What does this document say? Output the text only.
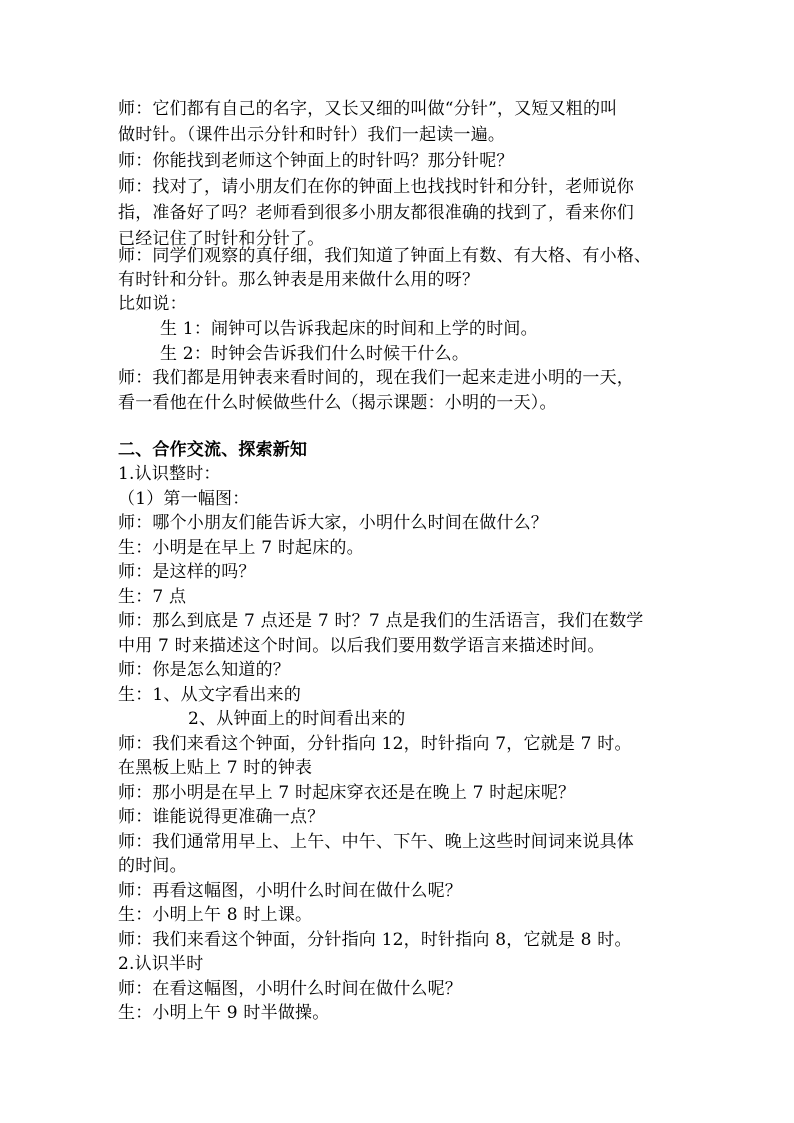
师：它们都有自己的名字，又长又细的叫做“分针”，又短又粗的叫
做时针。（课件出示分针和时针）我们一起读一遍。
师：你能找到老师这个钟面上的时针吗？那分针呢？
师：找对了，请小朋友们在你的钟面上也找找时针和分针，老师说你
指，准备好了吗？老师看到很多小朋友都很准确的找到了，看来你们
已经记住了时针和分针了。
师：同学们观察的真仔细，我们知道了钟面上有数、有大格、有小格、
有时针和分针。那么钟表是用来做什么用的呀？
比如说：
生 1：闹钟可以告诉我起床的时间和上学的时间。
生 2：时钟会告诉我们什么时候干什么。
师：我们都是用钟表来看时间的，现在我们一起来走进小明的一天，
看一看他在什么时候做些什么（揭示课题：小明的一天）。
二、合作交流、探索新知
1.认识整时：
（1）第一幅图：
师：哪个小朋友们能告诉大家，小明什么时间在做什么？
生：小明是在早上 7 时起床的。
师：是这样的吗？
生：7 点
师：那么到底是 7 点还是 7 时？7 点是我们的生活语言，我们在数学
中用 7 时来描述这个时间。以后我们要用数学语言来描述时间。
师：你是怎么知道的？
生：1、从文字看出来的
2、从钟面上的时间看出来的
师：我们来看这个钟面，分针指向 12，时针指向 7，它就是 7 时。
在黑板上贴上 7 时的钟表
师：那小明是在早上 7 时起床穿衣还是在晚上 7 时起床呢？
师：谁能说得更准确一点？
师：我们通常用早上、上午、中午、下午、晚上这些时间词来说具体
的时间。
师：再看这幅图，小明什么时间在做什么呢？
生：小明上午 8 时上课。
师：我们来看这个钟面，分针指向 12，时针指向 8，它就是 8 时。
2.认识半时
师：在看这幅图，小明什么时间在做什么呢？
生：小明上午 9 时半做操。
